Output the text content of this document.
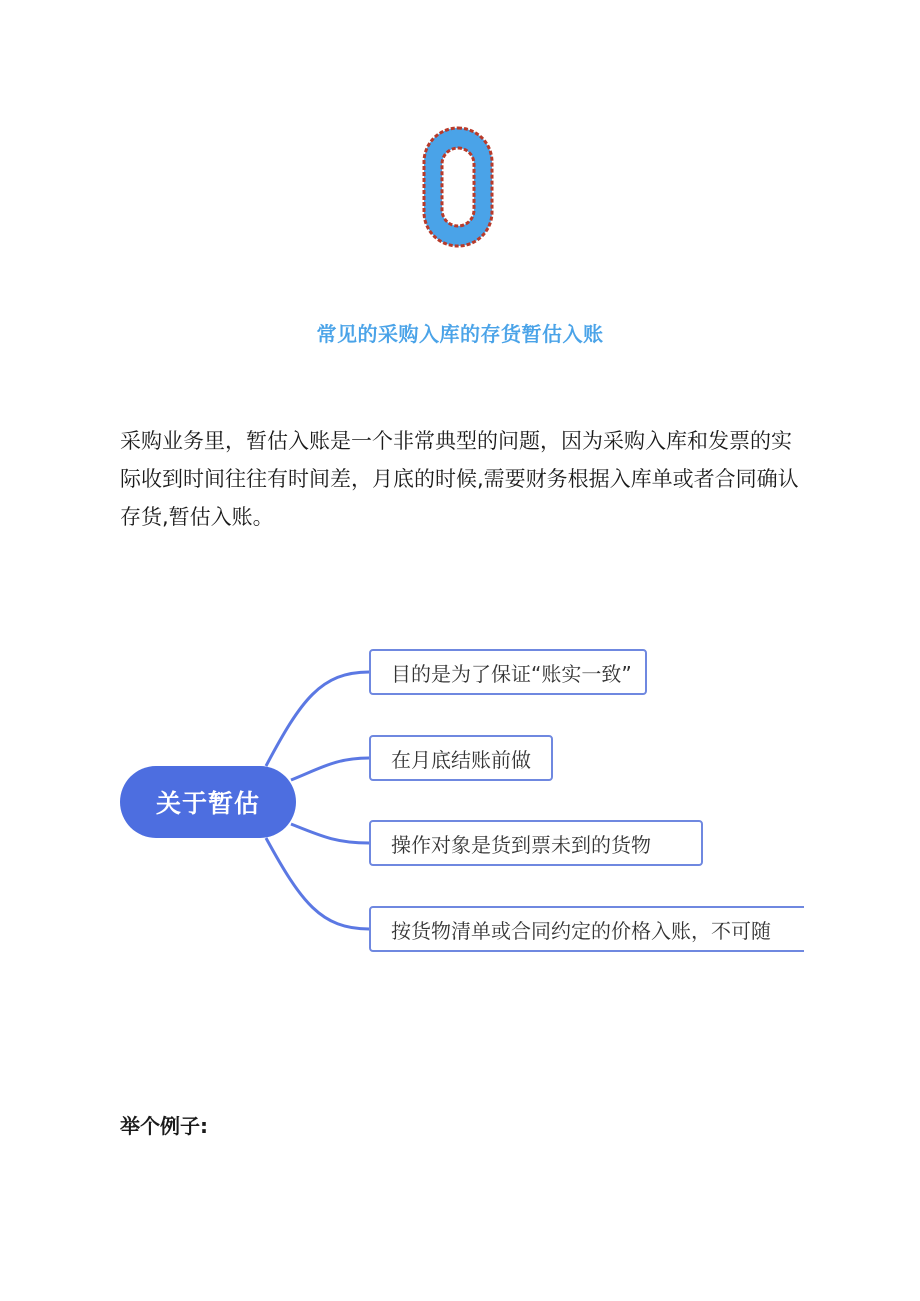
常见的采购入库的存货暂估入账

采购业务里，暂估入账是一个非常典型的问题，因为采购入库和发票的实际收到时间往往有时间差，月底的时候,需要财务根据入库单或者合同确认存货,暂估入账。

关于暂估
目的是为了保证“账实一致”
在月底结账前做
操作对象是货到票未到的货物
按货物清单或合同约定的价格入账，不可随
举个例子:
